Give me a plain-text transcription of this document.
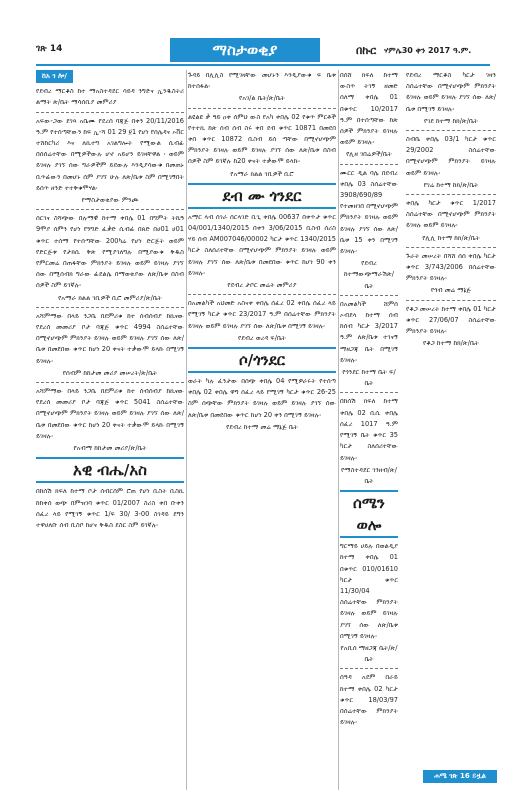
ገጽ 14	ማስታወቂያ	በኩር ሃምሌ30 ቀን 2017 ዓ.ም.
ከአ ገ ሎ/

የደብረ ማርቆስ ከተ ማአስተዳደር ሳይዳ ንግድና ኢንዱስትሪ ልማት ጽ/ቤት ማሳሰቢያ መምሪያ

አፍው-ጋው ደገጻ አቤሙ የደረሰ ባጃጅ በቀን 20/11/2016 ዓ.ም የተሰጣቸውን ከፍ ኢ-ሻ 01 29 ፱1 የሆነ የሰሌዳና ኦቨር ተሸከርካሪ እና ለኪተግ አገልግሎት የሚውል ሲብፊ በሰሰሬተቸው በሚዎችውሉ ሆኖ አይሆን ይገዛቸዋል ፡ ወይም ይገዛሉ ያገኘ ሰው ግራዎችም ይደውሉ እንዲያሳውቁ በመጠኑ ቢጥፊውን በመሆኑ ሰም ያገኘ ሁሉ ለጽ/ቤቱ ስም በሚገኝበት ይሰጥ ዘንድ ተተቅቁሞሃል፡

የማስታወቂያው ምንጮ

ሰርገና ስሻጭው በሉማዊ ከተማ ቀበሌ 01 በግምት ትኬዓ 9ሞያ ሰምን የሆነ የንግድ ፈቃድ ሲብፊ በጸድ በሀ01 ሀ01 ቁጥር ተሰማ የተሰጣቸው 200ካሬ የሆነ ድርጅት ወይም የድርጅቱ የታክሲ ቅጽ የሚያገለግሉ በሚያውቁ ቅዱስ የምርመሬ በጠፋቸው ምክንያት ይገዛሉ ወይም ይገዛሉ ያገኘ ሰው በሚሰብክ ግራው ፊደልሌ በማወቂያው ለጽ/ቤቱ በስብ ሰዎች ስም ይገኛሉ፡

የአማራ ክልል ገቢዎች ቢሮ መምሪያ/ጽ/ቤት

አሻምማው በላይ ንጋቤ በደምሪቁ ከተ ሰብሰብያ ከኪናው የደረሰ መመሪያ ቦታ ባጃጅ ቁጥር 4994 ስሰሬተቸው በሚኖሆጭም ምክንያት ይገዛሉ ወይም ይገዛሉ ያገኘ ሰው ለጽ/ቤቱ በመደበው ቁጥር ከሆነ 20 ቀናት ተቃውሞ ይላኩ በሚገኝ ይገዛሉ፡

የሰብም ከከታመ መሪያ መሠረት/ጽ/ቤት

አሻምማው በላይ ንጋቤ በደምሪቁ ከተ ሰብሰብያ ከኪናው የደረሰ መመሪያ ቦታ ባጃጅ ቁጥር 5041 ስሰሬተቸው በሚኖሆጭም ምክንያት ይገዛሉ ወይም ይገዛሉ ያገኘ ሰው ለጽ/ቤቱ በመደበው ቁጥር ከሆነ 20 ቀናት ተቃውሞ ይላኩ በሚገኝ ይገዛሉ፡

የአብማ ከከታመ መሪያ/ጽ/ቤት

አዊ ብሔ/አስ

በከሰሽ ክፍለ ከተማ ቦታ ሰብርሰም ሮጠ የሆነ ቢስት ቢስኪ ከከቀሰ ወጭ በምዝገባ ቁጥር 01/2007 ስሪስ ቀበ ቡቀን ሰፈረ ላይ የሚገኝ ቁጥር 1/ፍ 30/ 3-00 ስገዳይ ደግን ተዋሀለቡ ሰብ ቢስቦ ከሆና ቅዱስ ደስር ስም ይገኛሉ፡

ጉዳይ በሊሊስ የሚገዛቸው መሆኑን እንዲያውቁ ፍ ቤቱ ከተሰፋል፡

የአገ/ል ቤት/ጽ/ቤት

ልዩልዩ ቃ ዓይ ዐቀ ሰምህ ውስ የአካ ቀበሌ 02 የቁጥ ምርቶች የተተኪ ከጽ ሰብ ሰብ ስሩ ቀበ ደብ ቁጥር 10871 በመደበ ቀበ ቁጥር 10872 ቢስብ ይሰ ጣቸው በሚኖሆጭም ምክንያት ይገዛሉ ወይም ይገዛሉ ያገኘ ሰው ለጽ/ቤቱ በስብ ሰዎች ስም ይገኛሉ ከ20 ቀናት ተቃውሞ ይላኩ፡

የአማራ ክልል ገቢዎች ቢሮ

ደብ ሙ ጎንደር

አማር ላብ ሰገራ ሰርላገድ ቢጊ ቀበሌ 00637 በቀጥታ ቁጥር 04/001/1340/2015 በቀን 3/06/2015 ቢስብ ሰሪስ ሃይ ሰብ AM007046/00002 ካርታ ቁጥር 1340/2015 ካርታ ስለሰሪተቸው በሚኖሆጭም ምክንያት ይገዛሉ ወይም ይገዛሉ ያገኘ ሰው ለጽ/ቤቱ በመደበው ቁጥር ከሆነ 90 ቀን ይገዛሉ፡

የደብረ ታቦር መሬት መምሪያ

በአመልካች አህመድ አስናቀ ቀበሌ ሰፈረ 02 ቀበሌ ሰፈረ ላይ የሚገኝ ካርታ ቁጥር 23/2017 ዓ.ም በሰሬተቸው ምክንያት ይገዛሉ ወይም ይገዛሉ ያገኘ ሰው ለጽ/ቤቱ በሚገኝ ይገዛሉ፡

የደብረ ወረዳ ፍ/ቤት

ሶ/ጎንደር

ወራት ካሉ ፈንታው በሰጭ ቀበሌ 04 የሚዎራሩት የተሰጣ ቀበሌ 02 ቀበሌ ዋግ ሰፈረ ላይ የሚገኝ ካርታ ቁጥር 26-25 ስም ሰጭቸው ምክንያት ይገዛሉ ወይም ይገዛሉ ያገኘ ሰው ለጽ/ቤቱ በመደበው ቁጥር ከሆነ 20 ቀን በሚገኝ ይገዛሉ፡

የደብረ ከተማ መሬ ማኔጅ ቤት

በሰሸ ክፍለ ከተማ ውስጥ ትገኝ ዘመድ ሰለማ ቀበሌ 01 በቁጥር 10/2017 ዓ.ም በተሰጣቸው ከጽ ሰዎች ምክንያት ይገዛሉ ወይም ይገዛሉ፡

የሊዘ ገበሬዎች/ቤት

ሙርር ዲል ባሌ በደብረ ቀበሌ 03 ስሰሬተቸው 3908/690/89 የተመዘገበ በሚኖሆጭም ምክንያት ይገዛሉ ወይም ይገዛሉ ያገኘ ሰው ለጽ/ቤቱ 15 ቀን በሚገኝ ይገዛሉ፡

የደብረ ከተማውጭማራሽጽ/ቤት

በአመልካች ሸምሰ ኦብደላ ከተማ ሰብ ከሰብ ካርታ 3/2017 ዓ.ም ለጽ/ቤቱ ተገናኝ ማዘጋጃ ቤት በሚገኝ ይገዛሉ፡

የጎንደር ከተማ ቤት ፍ/ቤት

በከሰሽ ክፍለ ከተማ ቀበሌ 02 ቢሲ ቀበሌ ሰፈረ 1017 ዓ.ም የሚገኝ ቤት ቁጥር 35 ካርታ ስለሰሪተቸው ይገዛሉ፡

የማስተዳደር ገንዘብ/ጽ/ቤት

ሰሜን ወሎ

ግርማይ ሀይሉ በወልዲያ ከተማ ቀበሌ 01 በቁጥር 010/01610 ካርታ ቁጥር 11/30/04 ስሰሬተቸው ምክንያት ይገዛሉ ወይም ይገዛሉ ያገኘ ሰው ለጽ/ቤቱ በሚገኝ ይገዛሉ፡

የአቢሰ ማዘጋጃ ቤት/ጽ/ቤት

ሰዓዳ አደም በራይ ከተማ ቀበሌ 02 ካርታ ቁጥር 18/03/97 በሰሬተቸው ምክንያት ይገዛሉ፡

የደብረ ማርቆስ ካርታ ገዛን ስሰሬተቸው በሚኖሆጭም ምክንያት ይገዛሉ ወይም ይገዛሉ ያገኘ ሰው ለጽ/ቤቱ በሚገኝ ይገዛሉ፡

የገደ ከተማ ከክ/ጽ/ቤት

ስብቤ ቀበሌ 03/1 ካርታ ቁጥር 29/2002 ስሰሬተቸው በሚኖሆጭም ምክንያት ይገዛሉ ወይም ይገዛሉ፡

የገሬ ከተማ ከክ/ጽ/ቤት

ቀበሌ ካርታ ቁጥር 1/2017 ስሰሬተቸው በሚኖሆጭም ምክንያት ይገዛሉ ወይም ይገዛሉ፡

የሊሊ ከተማ ከክ/ጽ/ቤት

ጉራት መሠረት በሻሸ ሰሰ ቀበሌ ካርታ ቁጥር 3/743/2006 በሰሬተቸው ምክንያት ይገዛሉ፡

የጎብ መሬ ማኔጅ

የቆጋ መሠረት ከተማ ቀበሌ 01 ካርታ ቁጥር 27/06/07 ስሰሬተቸው ምክንያት ይገዛሉ፡

የቆጋ ከተማ ከክ/ጽ/ቤት

ሐሜ ገጽ 16 ይዟል
